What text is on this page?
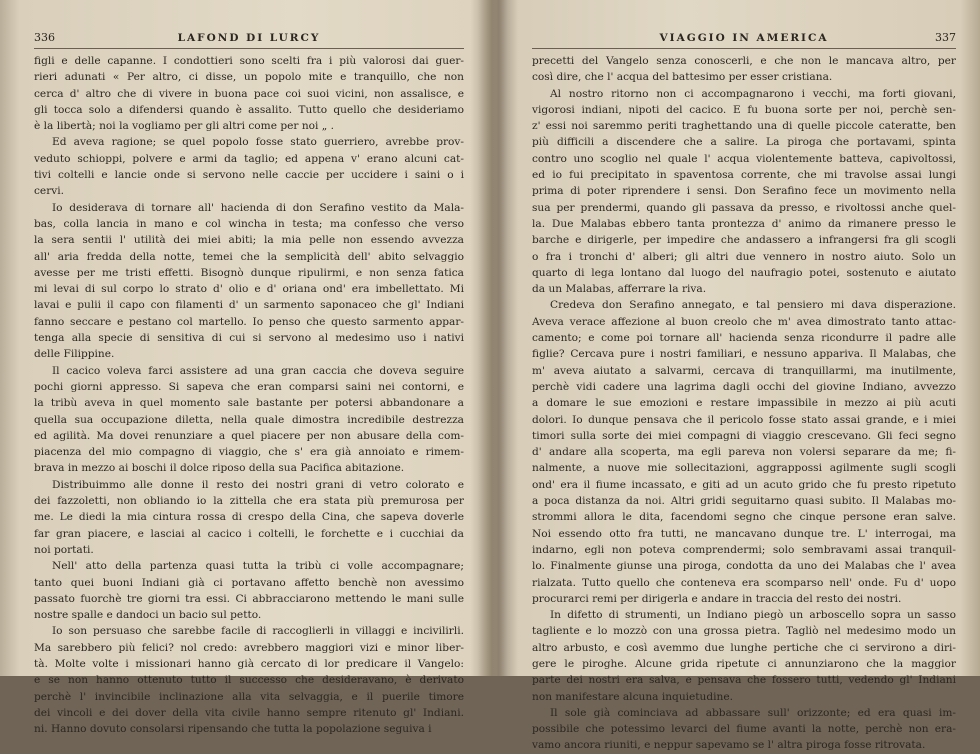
336	LAFOND DI LURCY

figli e delle capanne. I condottieri sono scelti fra i più valorosi dai guer-

rieri adunati « Per altro, ci disse, un popolo mite e tranquillo, che non

cerca d' altro che di vivere in buona pace coi suoi vicini, non assalisce, e

gli tocca solo a difendersi quando è assalito. Tutto quello che desideriamo

è la libertà; noi la vogliamo per gli altri come per noi „ .

Ed aveva ragione; se quel popolo fosse stato guerriero, avrebbe prov-

veduto schioppi, polvere e armi da taglio; ed appena v' erano alcuni cat-

tivi coltelli e lancie onde si servono nelle caccie per uccidere i saini o i

cervi.

Io desiderava di tornare all' hacienda di don Serafino vestito da Mala-

bas, colla lancia in mano e col wincha in testa; ma confesso che verso

la sera sentii l' utilità dei miei abiti; la mia pelle non essendo avvezza

all' aria fredda della notte, temei che la semplicità dell' abito selvaggio

avesse per me tristi effetti. Bisognò dunque ripulirmi, e non senza fatica

mi levai di sul corpo lo strato d' olio e d' oriana ond' era imbellettato. Mi

lavai e pulii il capo con filamenti d' un sarmento saponaceo che gl' Indiani

fanno seccare e pestano col martello. Io penso che questo sarmento appar-

tenga alla specie di sensitiva di cui si servono al medesimo uso i nativi

delle Filippine.

Il cacico voleva farci assistere ad una gran caccia che doveva seguire

pochi giorni appresso. Si sapeva che eran comparsi saini nei contorni, e

la tribù aveva in quel momento sale bastante per potersi abbandonare a

quella sua occupazione diletta, nella quale dimostra incredibile destrezza

ed agilità. Ma dovei renunziare a quel piacere per non abusare della com-

piacenza del mio compagno di viaggio, che s' era già annoiato e rimem-

brava in mezzo ai boschi il dolce riposo della sua Pacifica abitazione.

Distribuimmo alle donne il resto dei nostri grani di vetro colorato e

dei fazzoletti, non obliando io la zittella che era stata più premurosa per

me. Le diedi la mia cintura rossa di crespo della Cina, che sapeva doverle

far gran piacere, e lasciai al cacico i coltelli, le forchette e i cucchiai da

noi portati.

Nell' atto della partenza quasi tutta la tribù ci volle accompagnare;

tanto quei buoni Indiani già ci portavano affetto benchè non avessimo

passato fuorchè tre giorni tra essi. Ci abbracciarono mettendo le mani sulle

nostre spalle e dandoci un bacio sul petto.

Io son persuaso che sarebbe facile di raccoglierli in villaggi e incivilirli.

Ma sarebbero più felici? nol credo: avrebbero maggiori vizi e minor liber-

tà. Molte volte i missionari hanno già cercato di lor predicare il Vangelo:

e se non hanno ottenuto tutto il successo che desideravano, è derivato

perchè l' invincibile inclinazione alla vita selvaggia, e il puerile timore

dei vincoli e dei dover della vita civile hanno sempre ritenuto gl' Indiani.

ni. Hanno dovuto consolarsi ripensando che tutta la popolazione seguiva i

VIAGGIO IN AMERICA	337

precetti del Vangelo senza conoscerli, e che non le mancava altro, per

così dire, che l' acqua del battesimo per esser cristiana.

Al nostro ritorno non ci accompagnarono i vecchi, ma forti giovani,

vigorosi indiani, nipoti del cacico. E fu buona sorte per noi, perchè sen-

z' essi noi saremmo periti traghettando una di quelle piccole cateratte, ben

più difficili a discendere che a salire. La piroga che portavami, spinta

contro uno scoglio nel quale l' acqua violentemente batteva, capivoltossi,

ed io fui precipitato in spaventosa corrente, che mi travolse assai lungi

prima di poter riprendere i sensi. Don Serafino fece un movimento nella

sua per prendermi, quando gli passava da presso, e rivoltossi anche quel-

la. Due Malabas ebbero tanta prontezza d' animo da rimanere presso le

barche e dirigerle, per impedire che andassero a infrangersi fra gli scogli

o fra i tronchi d' alberi; gli altri due vennero in nostro aiuto. Solo un

quarto di lega lontano dal luogo del naufragio potei, sostenuto e aiutato

da un Malabas, afferrare la riva.

Credeva don Serafino annegato, e tal pensiero mi dava disperazione.

Aveva verace affezione al buon creolo che m' avea dimostrato tanto attac-

camento; e come poi tornare all' hacienda senza ricondurre il padre alle

figlie? Cercava pure i nostri familiari, e nessuno appariva. Il Malabas, che

m' aveva aiutato a salvarmi, cercava di tranquillarmi, ma inutilmente,

perchè vidi cadere una lagrima dagli occhi del giovine Indiano, avvezzo

a domare le sue emozioni e restare impassibile in mezzo ai più acuti

dolori. Io dunque pensava che il pericolo fosse stato assai grande, e i miei

timori sulla sorte dei miei compagni di viaggio crescevano. Gli feci segno

d' andare alla scoperta, ma egli pareva non volersi separare da me; fi-

nalmente, a nuove mie sollecitazioni, aggrappossi agilmente sugli scogli

ond' era il fiume incassato, e giti ad un acuto grido che fu presto ripetuto

a poca distanza da noi. Altri gridi seguitarno quasi subito. Il Malabas mo-

strommi allora le dita, facendomi segno che cinque persone eran salve.

Noi essendo otto fra tutti, ne mancavano dunque tre. L' interrogai, ma

indarno, egli non poteva comprendermi; solo sembravami assai tranquil-

lo. Finalmente giunse una piroga, condotta da uno dei Malabas che l' avea

rialzata. Tutto quello che conteneva era scomparso nell' onde. Fu d' uopo

procurarci remi per dirigerla e andare in traccia del resto dei nostri.

In difetto di strumenti, un Indiano piegò un arboscello sopra un sasso

tagliente e lo mozzò con una grossa pietra. Tagliò nel medesimo modo un

altro arbusto, e così avemmo due lunghe pertiche che ci servirono a diri-

gere le piroghe. Alcune grida ripetute ci annunziarono che la maggior

parte dei nostri era salva, e pensava che fossero tutti, vedendo gl' Indiani

non manifestare alcuna inquietudine.

Il sole già cominciava ad abbassare sull' orizzonte; ed era quasi im-

possibile che potessimo levarci del fiume avanti la notte, perchè non era-

vamo ancora riuniti, e neppur sapevamo se l' altra piroga fosse ritrovata.
